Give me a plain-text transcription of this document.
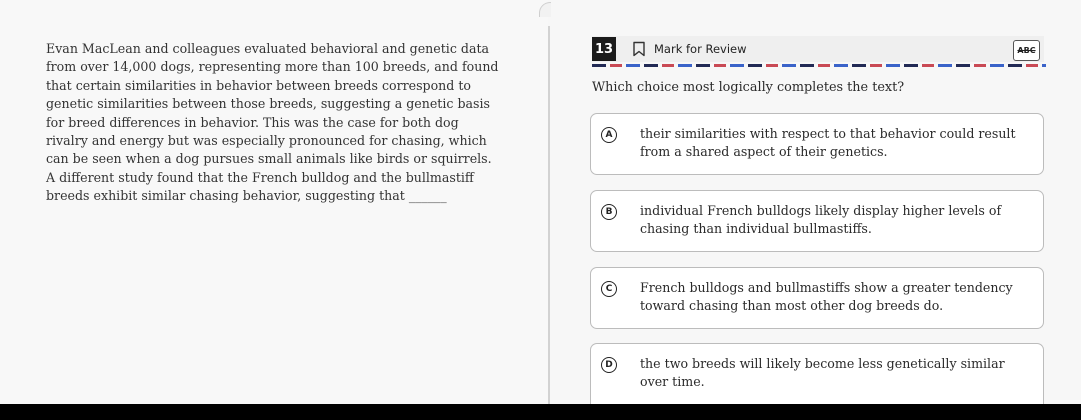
Evan MacLean and colleagues evaluated behavioral and genetic data
from over 14,000 dogs, representing more than 100 breeds, and found
that certain similarities in behavior between breeds correspond to
genetic similarities between those breeds, suggesting a genetic basis
for breed differences in behavior. This was the case for both dog
rivalry and energy but was especially pronounced for chasing, which
can be seen when a dog pursues small animals like birds or squirrels.
A different study found that the French bulldog and the bullmastiff
breeds exhibit similar chasing behavior, suggesting that ______
13	Mark for Review	ABC
Which choice most logically completes the text?
A	their similarities with respect to that behavior could result
from a shared aspect of their genetics.
B	individual French bulldogs likely display higher levels of
chasing than individual bullmastiffs.
C	French bulldogs and bullmastiffs show a greater tendency
toward chasing than most other dog breeds do.
D	the two breeds will likely become less genetically similar
over time.
